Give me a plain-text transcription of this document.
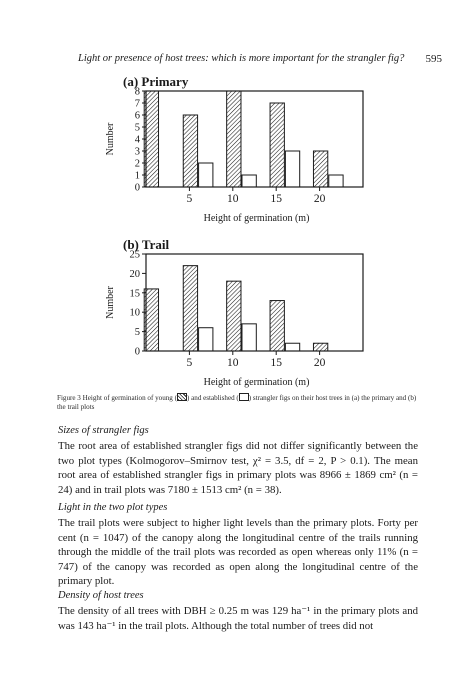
Light or presence of host trees: which is more important for the strangler fig? 595
(a) Primary
0
1
2
3
4
5
6
7
8
5	10	15	20
Number
Height of germination (m)
(b) Trail
0
5
10
15
20
25
5	10	15	20
Number
Height of germination (m)
Figure 3 Height of germination of young ( ) and established ( ) strangler figs on their host trees in (a) the primary and (b) the trail plots
Sizes of strangler figs

The root area of established strangler figs did not differ significantly between the two plot types (Kolmogorov–Smirnov test, χ² = 3.5, df = 2, P > 0.1). The mean root area of established strangler figs in primary plots was 8966 ± 1869 cm² (n = 24) and in trail plots was 7180 ± 1513 cm² (n = 38).

Light in the two plot types

The trail plots were subject to higher light levels than the primary plots. Forty per cent (n = 1047) of the canopy along the longitudinal centre of the trails running through the middle of the trail plots was recorded as open whereas only 11% (n = 747) of the canopy was recorded as open along the longitudinal centre of the primary plot.

Density of host trees

The density of all trees with DBH ≥ 0.25 m was 129 ha⁻¹ in the primary plots and was 143 ha⁻¹ in the trail plots. Although the total number of trees did not
